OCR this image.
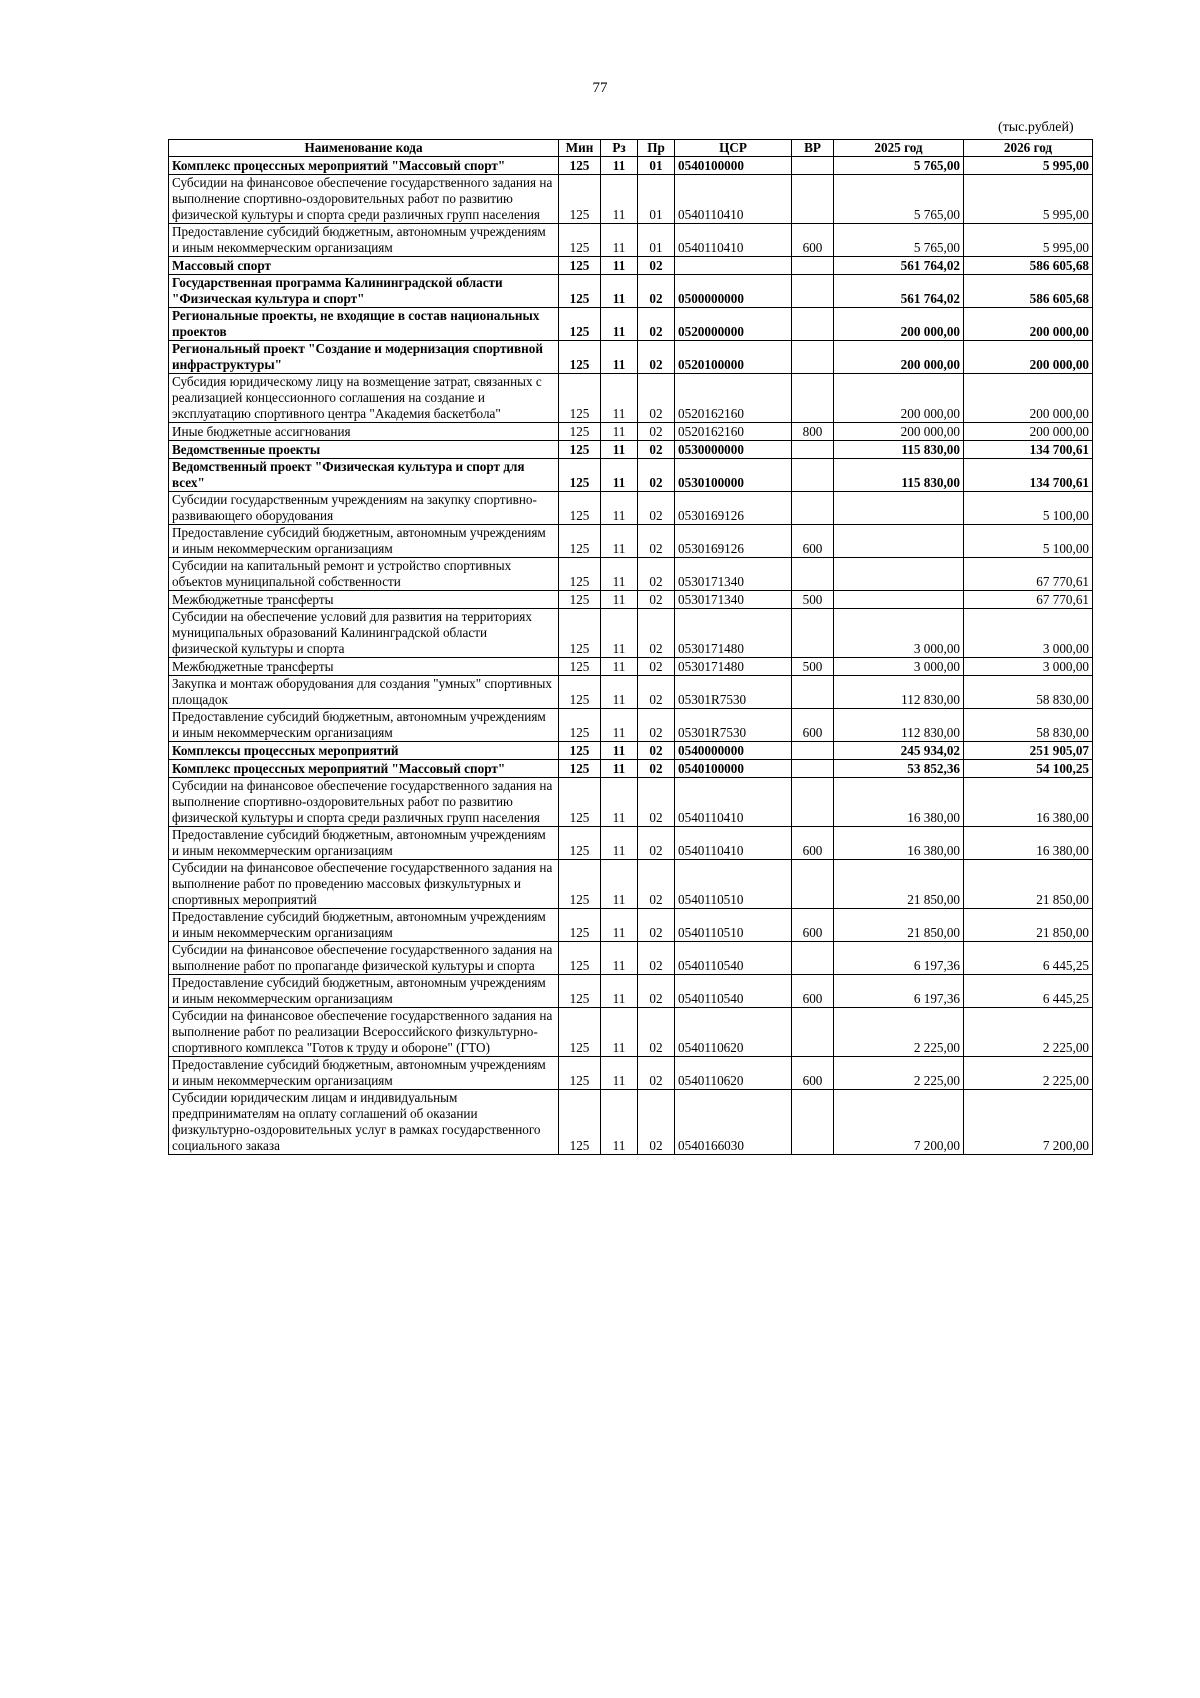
77
(тыс.рублей)
Наименование кода	Мин	Рз	Пр	ЦСР	ВР	2025 год	2026 год
Комплекс процессных мероприятий "Массовый спорт"	125	11	01	0540100000		5 765,00	5 995,00
Субсидии на финансовое обеспечение государственного задания на выполнение спортивно-оздоровительных работ по развитию физической культуры и спорта среди различных групп населения	125	11	01	0540110410		5 765,00	5 995,00
Предоставление субсидий бюджетным, автономным учреждениям и иным некоммерческим организациям	125	11	01	0540110410	600	5 765,00	5 995,00
Массовый спорт	125	11	02			561 764,02	586 605,68
Государственная программа Калининградской области "Физическая культура и спорт"	125	11	02	0500000000		561 764,02	586 605,68
Региональные проекты, не входящие в состав национальных проектов	125	11	02	0520000000		200 000,00	200 000,00
Региональный проект "Создание и модернизация спортивной инфраструктуры"	125	11	02	0520100000		200 000,00	200 000,00
Субсидия юридическому лицу на возмещение затрат, связанных с реализацией концессионного соглашения на создание и эксплуатацию спортивного центра "Академия баскетбола"	125	11	02	0520162160		200 000,00	200 000,00
Иные бюджетные ассигнования	125	11	02	0520162160	800	200 000,00	200 000,00
Ведомственные проекты	125	11	02	0530000000		115 830,00	134 700,61
Ведомственный проект "Физическая культура и спорт для всех"	125	11	02	0530100000		115 830,00	134 700,61
Субсидии государственным учреждениям на закупку спортивно-развивающего оборудования	125	11	02	0530169126			5 100,00
Предоставление субсидий бюджетным, автономным учреждениям и иным некоммерческим организациям	125	11	02	0530169126	600		5 100,00
Субсидии на капитальный ремонт и устройство спортивных объектов муниципальной собственности	125	11	02	0530171340			67 770,61
Межбюджетные трансферты	125	11	02	0530171340	500		67 770,61
Субсидии на обеспечение условий для развития на территориях муниципальных образований Калининградской области физической культуры и спорта	125	11	02	0530171480		3 000,00	3 000,00
Межбюджетные трансферты	125	11	02	0530171480	500	3 000,00	3 000,00
Закупка и монтаж оборудования для создания "умных" спортивных площадок	125	11	02	05301R7530		112 830,00	58 830,00
Предоставление субсидий бюджетным, автономным учреждениям и иным некоммерческим организациям	125	11	02	05301R7530	600	112 830,00	58 830,00
Комплексы процессных мероприятий	125	11	02	0540000000		245 934,02	251 905,07
Комплекс процессных мероприятий "Массовый спорт"	125	11	02	0540100000		53 852,36	54 100,25
Субсидии на финансовое обеспечение государственного задания на выполнение спортивно-оздоровительных работ по развитию физической культуры и спорта среди различных групп населения	125	11	02	0540110410		16 380,00	16 380,00
Предоставление субсидий бюджетным, автономным учреждениям и иным некоммерческим организациям	125	11	02	0540110410	600	16 380,00	16 380,00
Субсидии на финансовое обеспечение государственного задания на выполнение работ по проведению массовых физкультурных и спортивных мероприятий	125	11	02	0540110510		21 850,00	21 850,00
Предоставление субсидий бюджетным, автономным учреждениям и иным некоммерческим организациям	125	11	02	0540110510	600	21 850,00	21 850,00
Субсидии на финансовое обеспечение государственного задания на выполнение работ по пропаганде физической культуры и спорта	125	11	02	0540110540		6 197,36	6 445,25
Предоставление субсидий бюджетным, автономным учреждениям и иным некоммерческим организациям	125	11	02	0540110540	600	6 197,36	6 445,25
Субсидии на финансовое обеспечение государственного задания на выполнение работ по реализации Всероссийского физкультурно-спортивного комплекса "Готов к труду и обороне" (ГТО)	125	11	02	0540110620		2 225,00	2 225,00
Предоставление субсидий бюджетным, автономным учреждениям и иным некоммерческим организациям	125	11	02	0540110620	600	2 225,00	2 225,00
Субсидии юридическим лицам и индивидуальным предпринимателям на оплату соглашений об оказании физкультурно-оздоровительных услуг в рамках государственного социального заказа	125	11	02	0540166030		7 200,00	7 200,00
